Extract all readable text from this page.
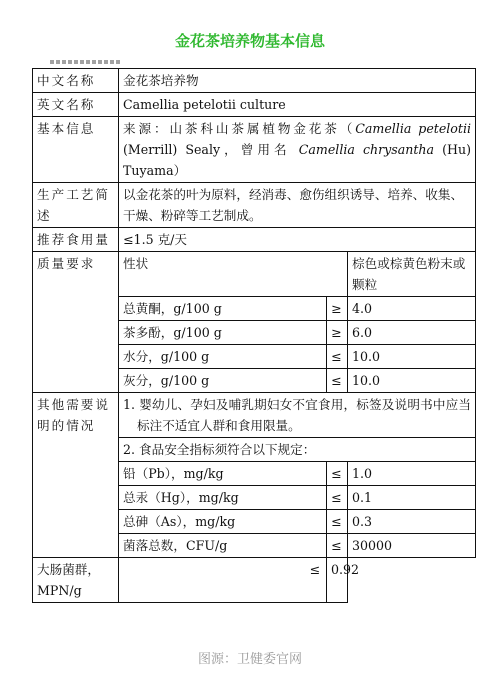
金花茶培养物基本信息
中文名称	金花茶培养物		
英文名称	Camellia petelotii culture		
基本信息	来源：山茶科山茶属植物金花茶（Camellia petelotii (Merrill) Sealy，曾用名 Camellia chrysantha (Hu) Tuyama）		
生产工艺简述	以金花茶的叶为原料，经消毒、愈伤组织诱导、培养、收集、干燥、粉碎等工艺制成。		
推荐食用量	≤1.5 克/天		
质量要求	性状		棕色或棕黄色粉末或颗粒
	总黄酮，g/100 g	≥	4.0
	茶多酚，g/100 g	≥	6.0
	水分，g/100 g	≤	10.0
	灰分，g/100 g	≤	10.0
其他需要说明的情况	1. 婴幼儿、孕妇及哺乳期妇女不宜食用，标签及说明书中应当标注不适宜人群和食用限量。		
	2. 食品安全指标须符合以下规定：		
	铅（Pb），mg/kg	≤	1.0
	总汞（Hg），mg/kg	≤	0.1
	总砷（As），mg/kg	≤	0.3
	菌落总数，CFU/g	≤	30000
大肠菌群，MPN/g	≤	0.92	
图源：卫健委官网
